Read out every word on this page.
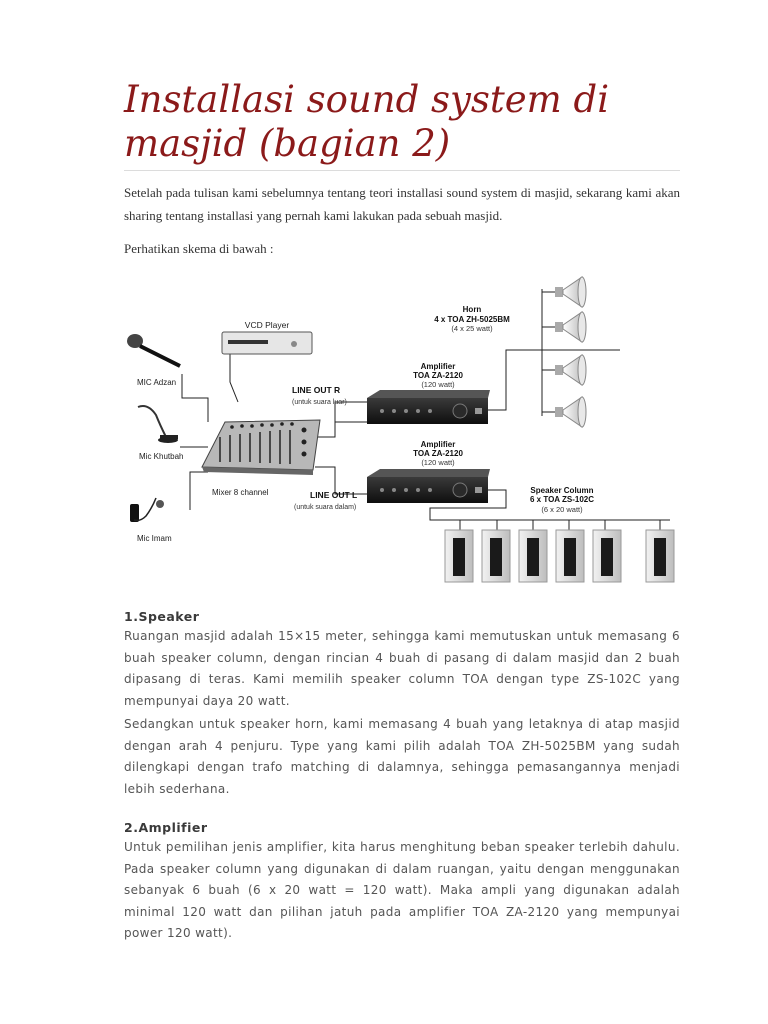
Installasi sound system di masjid (bagian 2)

Setelah pada tulisan kami sebelumnya tentang teori installasi sound system di masjid, sekarang kami akan sharing tentang installasi yang pernah kami lakukan pada sebuah masjid.

Perhatikan skema di bawah :

VCD Player
MIC Adzan
Mic Khutbah
Mic Imam
Mixer 8 channel
LINE OUT R
(untuk suara luar)
LINE OUT L
(untuk suara dalam)
Amplifier
TOA ZA-2120
(120 watt)
Amplifier
TOA ZA-2120
(120 watt)
Horn
4 x TOA ZH-5025BM
(4 x 25 watt)
Speaker Column
6 x TOA ZS-102C
(6 x 20 watt)
1.Speaker

Ruangan masjid adalah 15×15 meter, sehingga kami memutuskan untuk memasang 6 buah speaker column, dengan rincian 4 buah di pasang di dalam masjid dan 2 buah dipasang di teras. Kami memilih speaker column TOA dengan type ZS-102C yang mempunyai daya 20 watt.

Sedangkan untuk speaker horn, kami memasang 4 buah yang letaknya di atap masjid dengan arah 4 penjuru. Type yang kami pilih adalah TOA ZH-5025BM yang sudah dilengkapi dengan trafo matching di dalamnya, sehingga pemasangannya menjadi lebih sederhana.

2.Amplifier

Untuk pemilihan jenis amplifier, kita harus menghitung beban speaker terlebih dahulu. Pada speaker column yang digunakan di dalam ruangan, yaitu dengan menggunakan sebanyak 6 buah (6 x 20 watt = 120 watt). Maka ampli yang digunakan adalah minimal 120 watt dan pilihan jatuh pada amplifier TOA ZA-2120 yang mempunyai power 120 watt).
